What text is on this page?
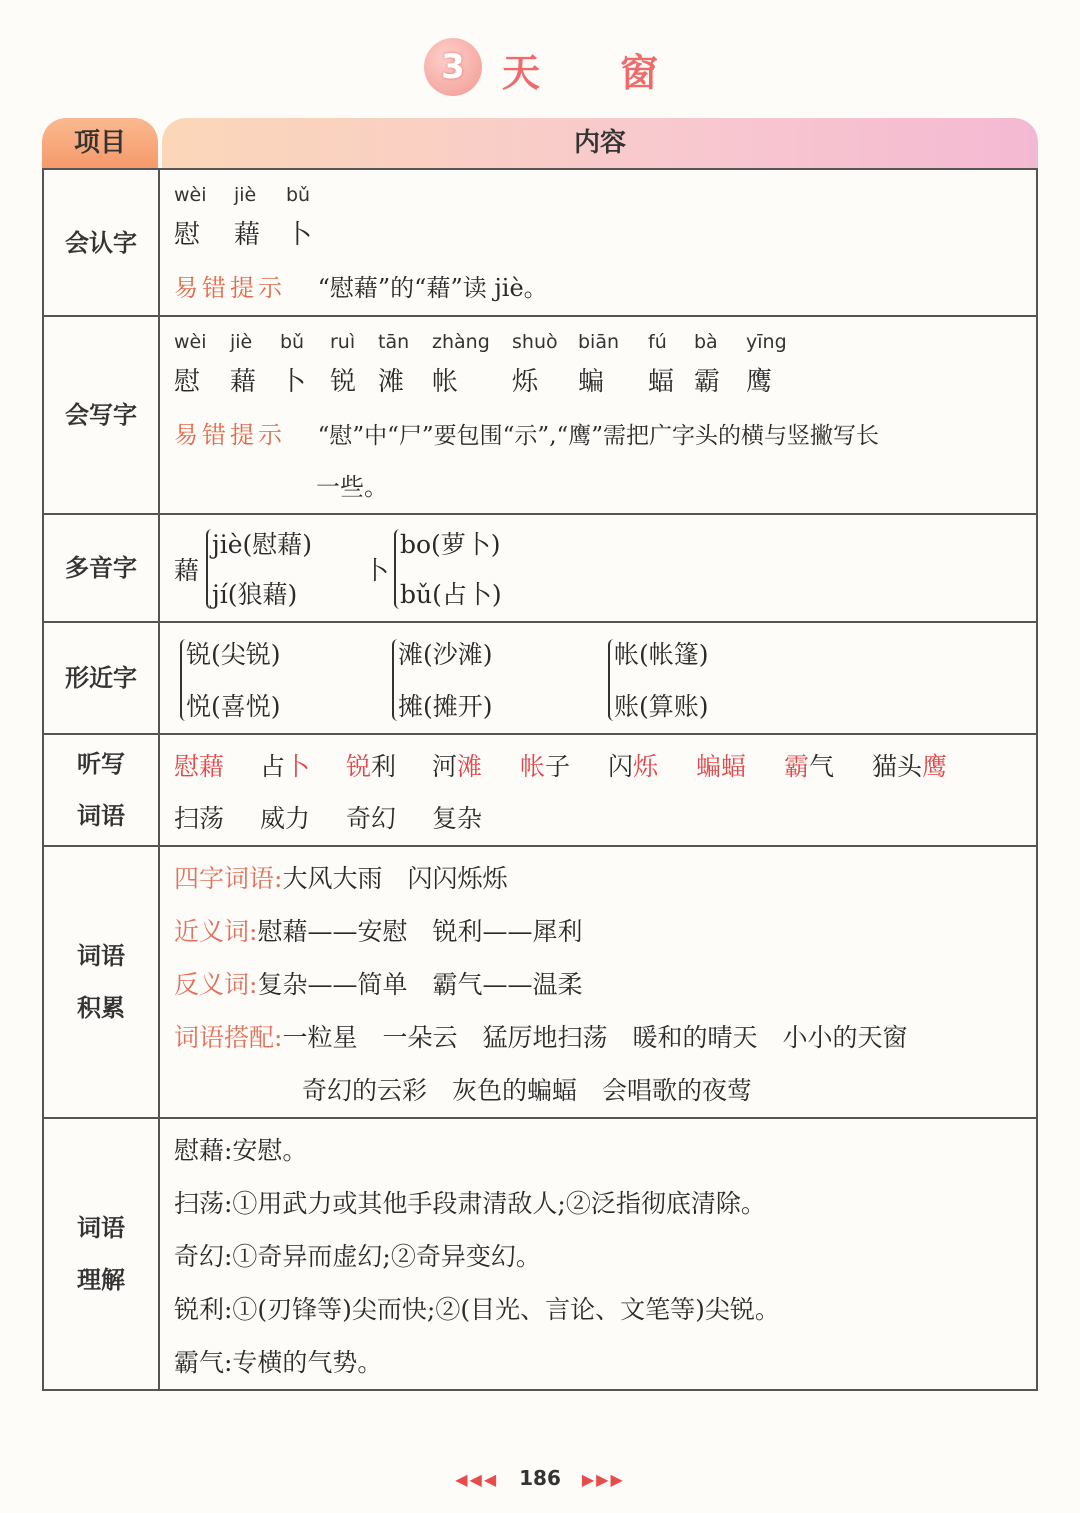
3 天 窗
项目	内容
会认字
wèi jiè bǔ
慰 藉 卜
易错提示 “慰藉”的“藉”读 jiè。
会写字
wèi jiè bǔ ruì tān zhàng shuò biān fú bà yīng
慰 藉 卜 锐 滩 帐 烁 蝙 蝠 霸 鹰
易错提示 “慰”中“尸”要包围“示”,“鹰”需把广字头的横与竖撇写长
一些。
多音字	藉
jiè(慰藉)
jí(狼藉)
卜
bo(萝卜)
bǔ(占卜)
形近字
锐(尖锐)
悦(喜悦)
滩(沙滩)
摊(摊开)
帐(帐篷)
账(算账)
听写
词语
慰藉 占卜 锐利 河滩 帐子 闪烁 蝙蝠 霸气 猫头鹰
扫荡 威力 奇幻 复杂
词语
积累
四字词语:大风大雨　闪闪烁烁
近义词:慰藉——安慰　锐利——犀利
反义词:复杂——简单　霸气——温柔
词语搭配:一粒星　一朵云　猛厉地扫荡　暖和的晴天　小小的天窗
奇幻的云彩　灰色的蝙蝠　会唱歌的夜莺
词语
理解
慰藉:安慰。
扫荡:①用武力或其他手段肃清敌人;②泛指彻底清除。
奇幻:①奇异而虚幻;②奇异变幻。
锐利:①(刃锋等)尖而快;②(目光、言论、文笔等)尖锐。
霸气:专横的气势。
◀◀◀ 186 ▶▶▶
